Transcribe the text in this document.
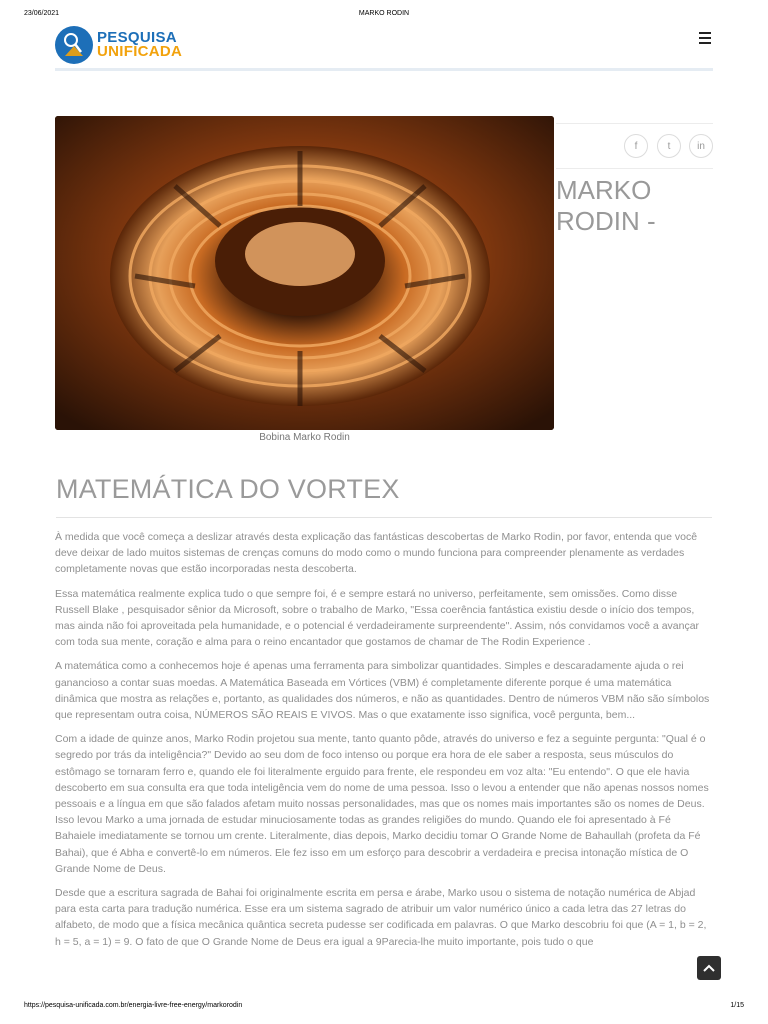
23/06/2021	MARKO RODIN
PESQUISA
UNIFICADA
Bobina Marko Rodin
f	t	in
MARKO
RODIN -
MATEMÁTICA DO VORTEX

À medida que você começa a deslizar através desta explicação das fantásticas descobertas de Marko Rodin, por favor, entenda que você deve deixar de lado muitos sistemas de crenças comuns do modo como o mundo funciona para compreender plenamente as verdades completamente novas que estão incorporadas nesta descoberta.

Essa matemática realmente explica tudo o que sempre foi, é e sempre estará no universo, perfeitamente, sem omissões. Como disse Russell Blake , pesquisador sênior da Microsoft, sobre o trabalho de Marko, "Essa coerência fantástica existiu desde o início dos tempos, mas ainda não foi aproveitada pela humanidade, e o potencial é verdadeiramente surpreendente". Assim, nós convidamos você a avançar com toda sua mente, coração e alma para o reino encantador que gostamos de chamar de The Rodin Experience .

A matemática como a conhecemos hoje é apenas uma ferramenta para simbolizar quantidades. Simples e descaradamente ajuda o rei ganancioso a contar suas moedas. A Matemática Baseada em Vórtices (VBM) é completamente diferente porque é uma matemática dinâmica que mostra as relações e, portanto, as qualidades dos números, e não as quantidades. Dentro de números VBM não são símbolos que representam outra coisa, NÚMEROS SÃO REAIS E VIVOS. Mas o que exatamente isso significa, você pergunta, bem...

Com a idade de quinze anos, Marko Rodin projetou sua mente, tanto quanto pôde, através do universo e fez a seguinte pergunta: "Qual é o segredo por trás da inteligência?" Devido ao seu dom de foco intenso ou porque era hora de ele saber a resposta, seus músculos do estômago se tornaram ferro e, quando ele foi literalmente erguido para frente, ele respondeu em voz alta: "Eu entendo". O que ele havia descoberto em sua consulta era que toda inteligência vem do nome de uma pessoa. Isso o levou a entender que não apenas nossos nomes pessoais e a língua em que são falados afetam muito nossas personalidades, mas que os nomes mais importantes são os nomes de Deus. Isso levou Marko a uma jornada de estudar minuciosamente todas as grandes religiões do mundo. Quando ele foi apresentado à Fé Bahaiele imediatamente se tornou um crente. Literalmente, dias depois, Marko decidiu tomar O Grande Nome de Bahaullah (profeta da Fé Bahai), que é Abha e convertê-lo em números. Ele fez isso em um esforço para descobrir a verdadeira e precisa intonação mística de O Grande Nome de Deus.

Desde que a escritura sagrada de Bahai foi originalmente escrita em persa e árabe, Marko usou o sistema de notação numérica de Abjad para esta carta para tradução numérica. Esse era um sistema sagrado de atribuir um valor numérico único a cada letra das 27 letras do alfabeto, de modo que a física mecânica quântica secreta pudesse ser codificada em palavras. O que Marko descobriu foi que (A = 1, b = 2, h = 5, a = 1) = 9. O fato de que O Grande Nome de Deus era igual a 9Parecia-lhe muito importante, pois tudo o que

https://pesquisa-unificada.com.br/energia-livre-free-energy/markorodin	1/15
